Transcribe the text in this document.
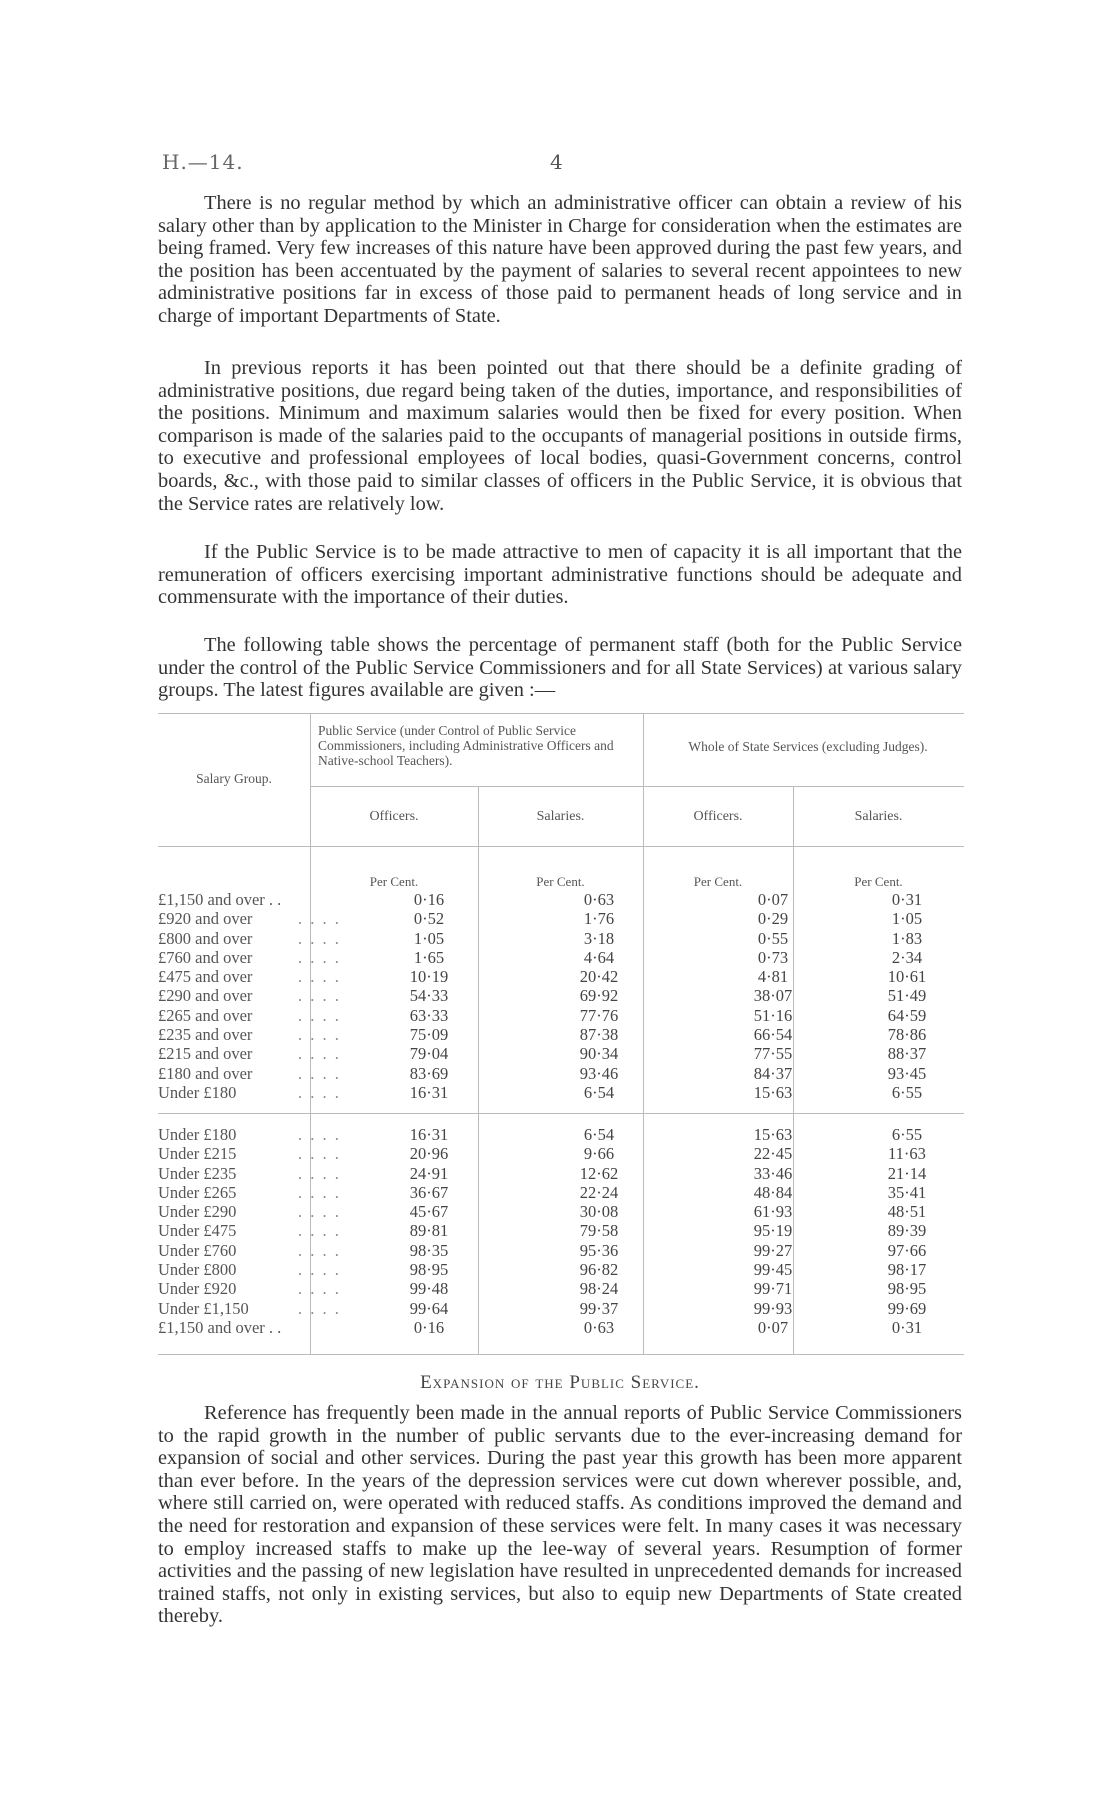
H.—14.	4

There is no regular method by which an administrative officer can obtain a review of his salary other than by application to the Minister in Charge for consideration when the estimates are being framed. Very few increases of this nature have been approved during the past few years, and the position has been accentuated by the payment of salaries to several recent appointees to new administrative positions far in excess of those paid to permanent heads of long service and in charge of important Departments of State.

In previous reports it has been pointed out that there should be a definite grading of administrative positions, due regard being taken of the duties, importance, and responsibilities of the positions. Minimum and maximum salaries would then be fixed for every position. When comparison is made of the salaries paid to the occupants of managerial positions in outside firms, to executive and professional employees of local bodies, quasi-Government concerns, control boards, &c., with those paid to similar classes of officers in the Public Service, it is obvious that the Service rates are relatively low.

If the Public Service is to be made attractive to men of capacity it is all important that the remuneration of officers exercising important administrative functions should be adequate and commensurate with the importance of their duties.

The following table shows the percentage of permanent staff (both for the Public Service under the control of the Public Service Commissioners and for all State Services) at various salary groups. The latest figures available are given :—

Salary Group.
Public Service (under Control of Public Service Commissioners, including Administrative Officers and Native-school Teachers).
Whole of State Services (excluding Judges).
Officers.	Salaries.	Officers.	Salaries.
Per Cent.	Per Cent.	Per Cent.	Per Cent.
£1,150 and over . .	0·16	0·63	0·07	0·31
£920 and over	0·52	1·76	0·29	1·05
. . . .
£800 and over	1·05	3·18	0·55	1·83
. . . .
£760 and over	1·65	4·64	0·73	2·34
. . . .
£475 and over	10·19	20·42	4·81	10·61
. . . .
£290 and over	54·33	69·92	38·07	51·49
. . . .
£265 and over	63·33	77·76	51·16	64·59
. . . .
£235 and over	75·09	87·38	66·54	78·86
. . . .
£215 and over	79·04	90·34	77·55	88·37
. . . .
£180 and over	83·69	93·46	84·37	93·45
. . . .
Under £180	16·31	6·54	15·63	6·55
. . . .
Under £180	16·31	6·54	15·63	6·55
. . . .
Under £215	20·96	9·66	22·45	11·63
. . . .
Under £235	24·91	12·62	33·46	21·14
. . . .
Under £265	36·67	22·24	48·84	35·41
. . . .
Under £290	45·67	30·08	61·93	48·51
. . . .
Under £475	89·81	79·58	95·19	89·39
. . . .
Under £760	98·35	95·36	99·27	97·66
. . . .
Under £800	98·95	96·82	99·45	98·17
. . . .
Under £920	99·48	98·24	99·71	98·95
. . . .
Under £1,150	99·64	99·37	99·93	99·69
. . . .
£1,150 and over . .	0·16	0·63	0·07	0·31
Expansion of the Public Service.

Reference has frequently been made in the annual reports of Public Service Commissioners to the rapid growth in the number of public servants due to the ever-increasing demand for expansion of social and other services. During the past year this growth has been more apparent than ever before. In the years of the depression services were cut down wherever possible, and, where still carried on, were operated with reduced staffs. As conditions improved the demand and the need for restoration and expansion of these services were felt. In many cases it was necessary to employ increased staffs to make up the lee-way of several years. Resumption of former activities and the passing of new legislation have resulted in unprecedented demands for increased trained staffs, not only in existing services, but also to equip new Departments of State created thereby.
